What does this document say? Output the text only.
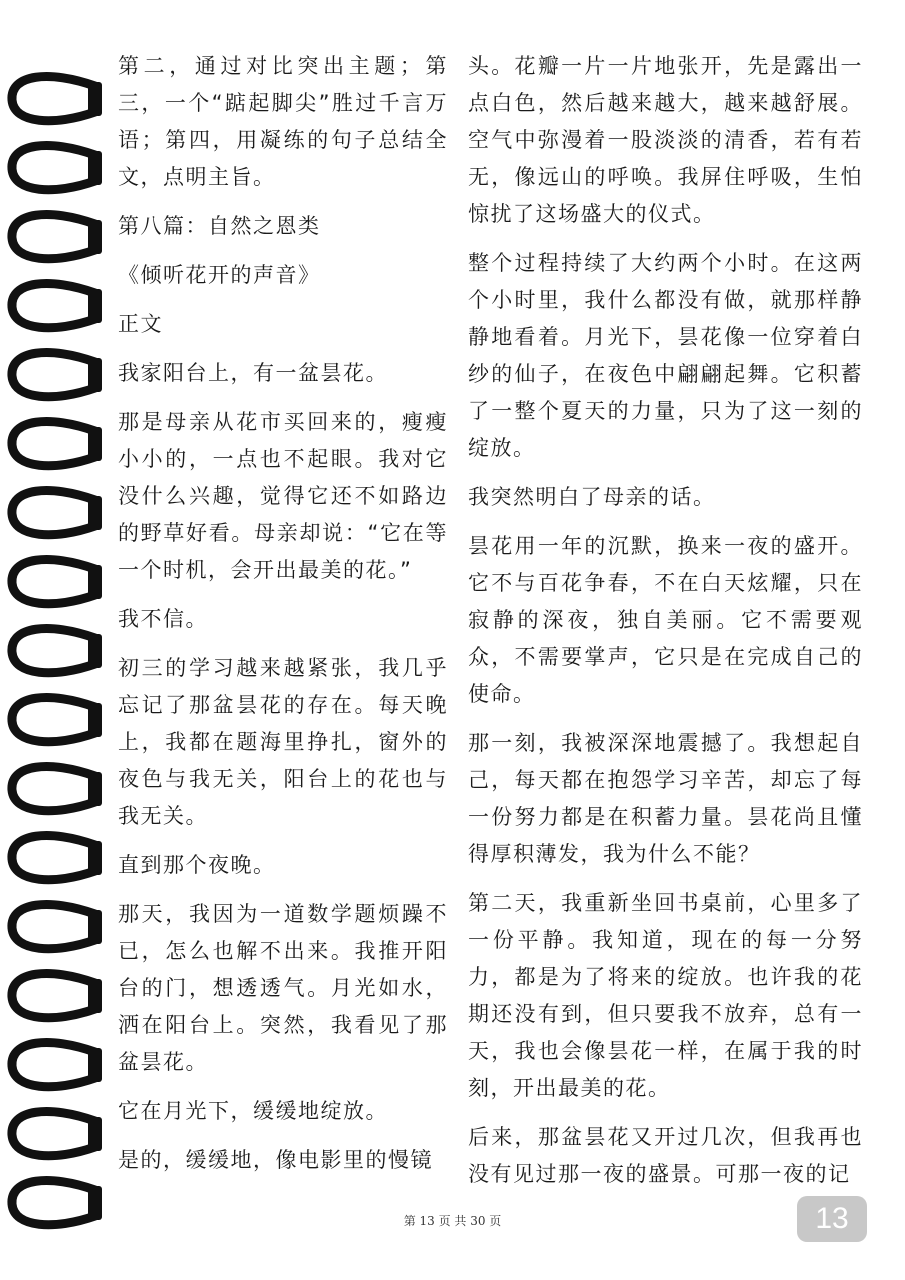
第二，通过对比突出主题；第三，一个“踮起脚尖”胜过千言万语；第四，用凝练的句子总结全文，点明主旨。

第八篇：自然之恩类

《倾听花开的声音》

正文

我家阳台上，有一盆昙花。

那是母亲从花市买回来的，瘦瘦小小的，一点也不起眼。我对它没什么兴趣，觉得它还不如路边的野草好看。母亲却说：“它在等一个时机，会开出最美的花。”

我不信。

初三的学习越来越紧张，我几乎忘记了那盆昙花的存在。每天晚上，我都在题海里挣扎，窗外的夜色与我无关，阳台上的花也与我无关。

直到那个夜晚。

那天，我因为一道数学题烦躁不已，怎么也解不出来。我推开阳台的门，想透透气。月光如水，洒在阳台上。突然，我看见了那盆昙花。

它在月光下，缓缓地绽放。

是的，缓缓地，像电影里的慢镜

头。花瓣一片一片地张开，先是露出一点白色，然后越来越大，越来越舒展。空气中弥漫着一股淡淡的清香，若有若无，像远山的呼唤。我屏住呼吸，生怕惊扰了这场盛大的仪式。

整个过程持续了大约两个小时。在这两个小时里，我什么都没有做，就那样静静地看着。月光下，昙花像一位穿着白纱的仙子，在夜色中翩翩起舞。它积蓄了一整个夏天的力量，只为了这一刻的绽放。

我突然明白了母亲的话。

昙花用一年的沉默，换来一夜的盛开。它不与百花争春，不在白天炫耀，只在寂静的深夜，独自美丽。它不需要观众，不需要掌声，它只是在完成自己的使命。

那一刻，我被深深地震撼了。我想起自己，每天都在抱怨学习辛苦，却忘了每一份努力都是在积蓄力量。昙花尚且懂得厚积薄发，我为什么不能？

第二天，我重新坐回书桌前，心里多了一份平静。我知道，现在的每一分努力，都是为了将来的绽放。也许我的花期还没有到，但只要我不放弃，总有一天，我也会像昙花一样，在属于我的时刻，开出最美的花。

后来，那盆昙花又开过几次，但我再也没有见过那一夜的盛景。可那一夜的记

第 13 页 共 30 页	13
